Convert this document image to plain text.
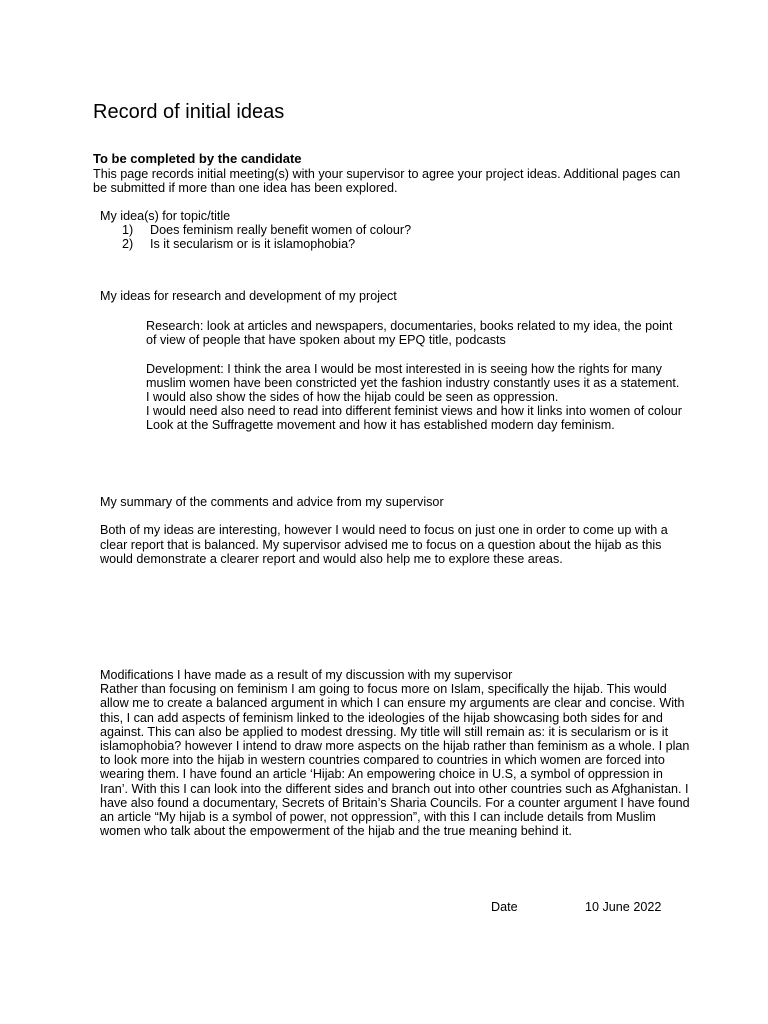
Record of initial ideas
To be completed by the candidate
This page records initial meeting(s) with your supervisor to agree your project ideas. Additional pages can be submitted if more than one idea has been explored.
My idea(s) for topic/title
1)	Does feminism really benefit women of colour?
2)	Is it secularism or is it islamophobia?
My ideas for research and development of my project
Research: look at articles and newspapers, documentaries, books related to my idea, the point of view of people that have spoken about my EPQ title, podcasts
Development: I think the area I would be most interested in is seeing how the rights for many muslim women have been constricted yet the fashion industry constantly uses it as a statement. I would also show the sides of how the hijab could be seen as oppression.
I would need also need to read into different feminist views and how it links into women of colour
Look at the Suffragette movement and how it has established modern day feminism.
My summary of the comments and advice from my supervisor
Both of my ideas are interesting, however I would need to focus on just one in order to come up with a clear report that is balanced. My supervisor advised me to focus on a question about the hijab as this would demonstrate a clearer report and would also help me to explore these areas.
Modifications I have made as a result of my discussion with my supervisor
Rather than focusing on feminism I am going to focus more on Islam, specifically the hijab. This would allow me to create a balanced argument in which I can ensure my arguments are clear and concise. With this, I can add aspects of feminism linked to the ideologies of the hijab showcasing both sides for and against. This can also be applied to modest dressing. My title will still remain as: it is secularism or is it islamophobia? however I intend to draw more aspects on the hijab rather than feminism as a whole. I plan to look more into the hijab in western countries compared to countries in which women are forced into wearing them. I have found an article ‘Hijab: An empowering choice in U.S, a symbol of oppression in Iran’. With this I can look into the different sides and branch out into other countries such as Afghanistan. I have also found a documentary, Secrets of Britain’s Sharia Councils. For a counter argument I have found an article “My hijab is a symbol of power, not oppression”, with this I can include details from Muslim women who talk about the empowerment of the hijab and the true meaning behind it.
Date	10 June 2022
